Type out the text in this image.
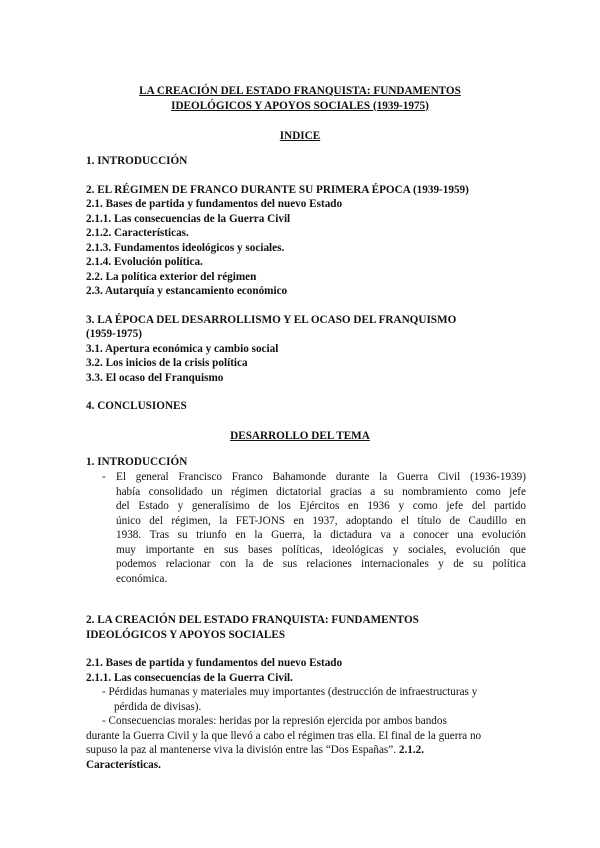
LA CREACIÓN DEL ESTADO FRANQUISTA: FUNDAMENTOS
IDEOLÓGICOS Y APOYOS SOCIALES (1939-1975)
INDICE
1. INTRODUCCIÓN
2. EL RÉGIMEN DE FRANCO DURANTE SU PRIMERA ÉPOCA (1939-1959)
2.1. Bases de partida y fundamentos del nuevo Estado
2.1.1. Las consecuencias de la Guerra Civil
2.1.2. Características.
2.1.3. Fundamentos ideológicos y sociales.
2.1.4. Evolución política.
2.2. La política exterior del régimen
2.3. Autarquía y estancamiento económico
3. LA ÉPOCA DEL DESARROLLISMO Y EL OCASO DEL FRANQUISMO
(1959-1975)
3.1. Apertura económica y cambio social
3.2. Los inicios de la crisis política
3.3. El ocaso del Franquismo
4. CONCLUSIONES
DESARROLLO DEL TEMA
1. INTRODUCCIÓN
- El general Francisco Franco Bahamonde durante la Guerra Civil (1936-1939)
había consolidado un régimen dictatorial gracias a su nombramiento como jefe
del Estado y generalísimo de los Ejércitos en 1936 y como jefe del partido
único del régimen, la FET-JONS en 1937, adoptando el título de Caudillo en
1938. Tras su triunfo en la Guerra, la dictadura va a conocer una evolución
muy importante en sus bases políticas, ideológicas y sociales, evolución que
podemos relacionar con la de sus relaciones internacionales y de su política
económica.
2. LA CREACIÓN DEL ESTADO FRANQUISTA: FUNDAMENTOS
IDEOLÓGICOS Y APOYOS SOCIALES
2.1. Bases de partida y fundamentos del nuevo Estado
2.1.1. Las consecuencias de la Guerra Civil.
- Pérdidas humanas y materiales muy importantes (destrucción de infraestructuras y
pérdida de divisas).
- Consecuencias morales: heridas por la represión ejercida por ambos bandos
durante la Guerra Civil y la que llevó a cabo el régimen tras ella. El final de la guerra no
supuso la paz al mantenerse viva la división entre las “Dos Españas”. 2.1.2.
Características.
